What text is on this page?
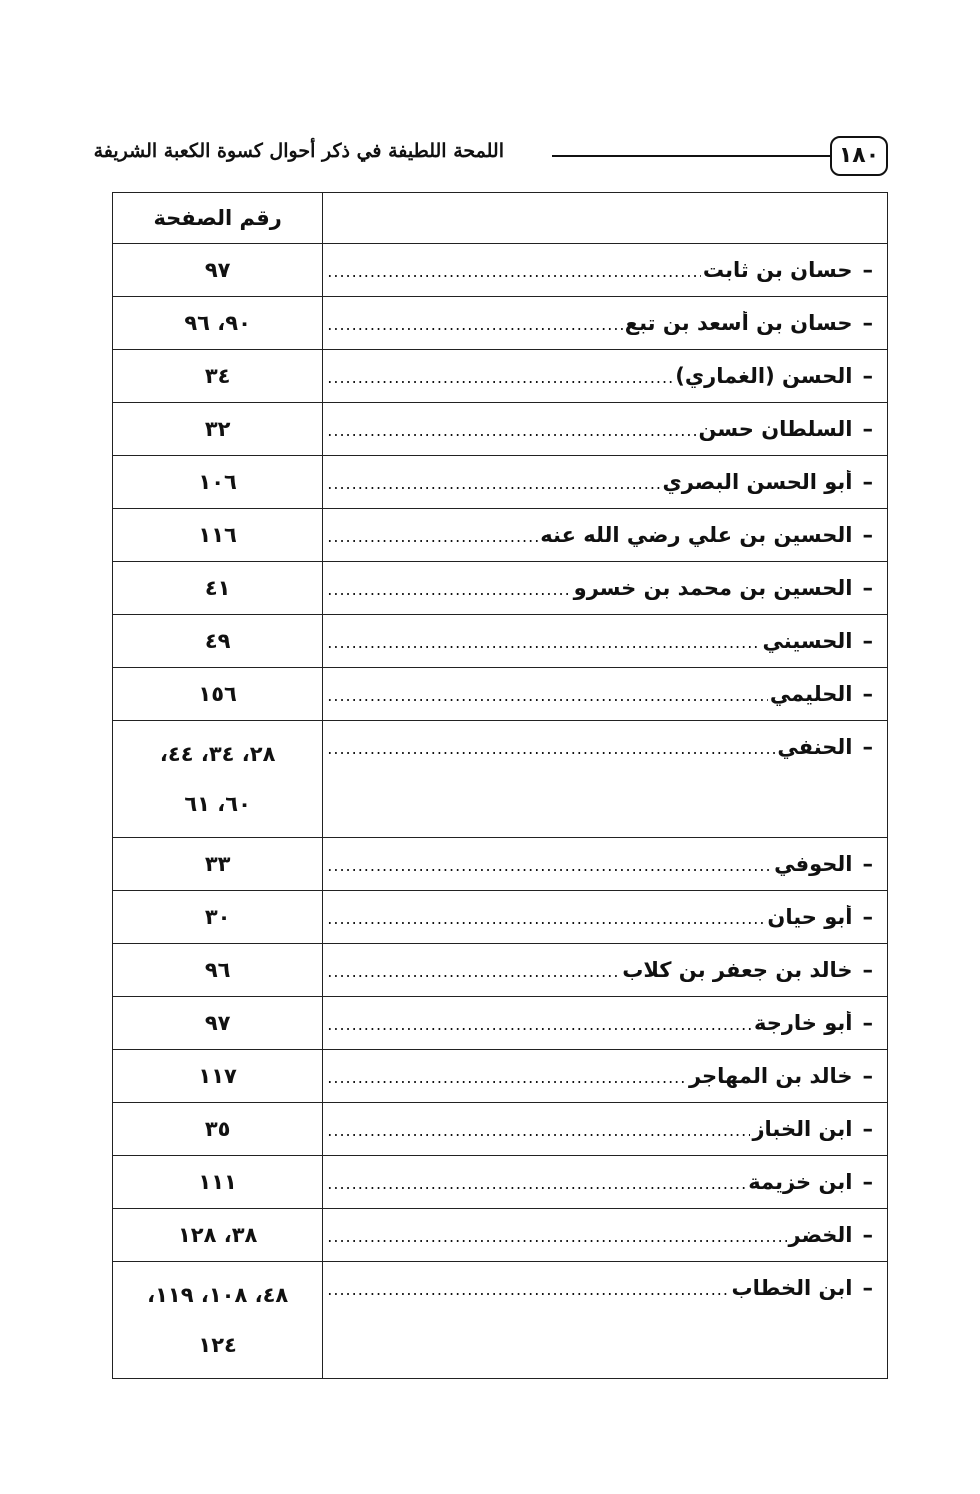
١٨٠
اللمحة اللطيفة في ذكر أحوال كسوة الكعبة الشريفة
	رقم الصفحة

–
حسان بن ثابت
.....	٩٧

–
حسان بن أسعد بن تبع
.....	٩٠، ٩٦

–
الحسن (الغماري)
.....	٣٤

–
السلطان حسن
.....	٣٢

–
أبو الحسن البصري
.....	١٠٦

–
الحسين بن علي رضي الله عنه
.....	١١٦

–
الحسين بن محمد بن خسرو
.....	٤١

–
الحسيني
.....	٤٩

–
الحليمي
.....	١٥٦

–
الحنفي
.....	٢٨، ٣٤، ٤٤،
٦٠، ٦١

–
الحوفي
.....	٣٣

–
أبو حيان
.....	٣٠

–
خالد بن جعفر بن كلاب
.....	٩٦

–
أبو خارجة
.....	٩٧

–
خالد بن المهاجر
.....	١١٧

–
ابن الخباز
.....	٣٥

–
ابن خزيمة
.....	١١١

–
الخضر
.....	٣٨، ١٢٨

–
ابن الخطاب
.....	٤٨، ١٠٨، ١١٩،
١٢٤
